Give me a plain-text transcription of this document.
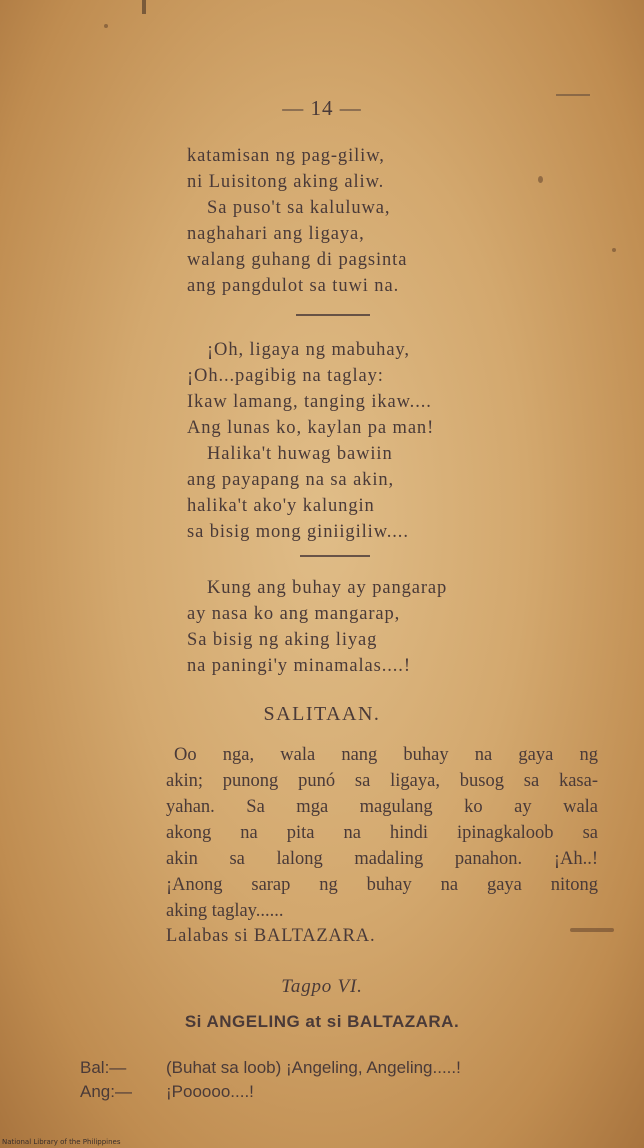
— 14 —
katamisan ng pag-giliw,
ni Luisitong aking aliw.
Sa puso't sa kaluluwa,
naghahari ang ligaya,
walang guhang di pagsinta
ang pangdulot sa tuwi na.
¡Oh, ligaya ng mabuhay,
¡Oh...pagibig na taglay:
Ikaw lamang, tanging ikaw....
Ang lunas ko, kaylan pa man!
Halika't huwag bawiin
ang payapang na sa akin,
halika't ako'y kalungin
sa bisig mong giniigiliw....
Kung ang buhay ay pangarap
ay nasa ko ang mangarap,
Sa bisig ng aking liyag
na paningi'y minamalas....!
SALITAAN.
Oo nga, wala nang buhay na gaya ng
akin; punong punó sa ligaya, busog sa kasa-
yahan. Sa mga magulang ko ay wala
akong na pita na hindi ipinagkaloob sa
akin sa lalong madaling panahon. ¡Ah..!
¡Anong sarap ng buhay na gaya nitong
aking taglay......
Lalabas si BALTAZARA.
Tagpo VI.
Si ANGELING at si BALTAZARA.
Bal:— (Buhat sa loob) ¡Angeling, Angeling.....!
Ang:— ¡Pooooo....!
National Library of the Philippines
